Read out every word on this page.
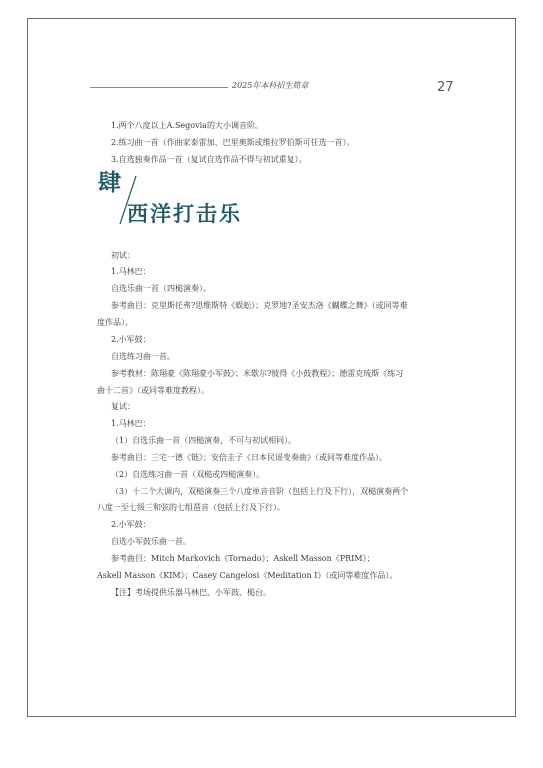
2025年本科招生简章	27
1.两个八度以上A.Segovia的大小调音阶。
2.练习曲一首（作曲家泰雷加、巴里奥斯或维拉罗伯斯可任选一首）。
3.自选独奏作品一首（复试自选作品不得与初试重复）。
肆
西洋打击乐
初试：
1.马林巴：
自选乐曲一首（四槌演奏）。
参考曲目：克里斯托弗?思维斯特《蜈蚣》；克罗地?圣安杰洛《蝴蝶之舞》（或同等难
度作品）。
2.小军鼓：
自选练习曲一首。
参考教材：陈翔豪《陈翔豪小军鼓》；米歇尔?彼得《小鼓教程》；德雷克琉斯《练习
曲十二首》（或同等难度教程）。
复试：
1.马林巴：
（1）自选乐曲一首（四槌演奏，不可与初试相同）。
参考曲目：三宅一德《链》；安倍圭子《日本民谣变奏曲》（或同等难度作品）。
（2）自选练习曲一首（双槌或四槌演奏）。
（3）十二个大调内，双槌演奏三个八度单音音阶（包括上行及下行），双槌演奏两个
八度一至七级三和弦的七组琶音（包括上行及下行）。
2.小军鼓：
自选小军鼓乐曲一首。
参考曲目：Mitch Markovich《Tornado》；Askell Masson《PRIM》；
Askell Masson《KIM》；Casey Cangelosi《Meditation I》（或同等难度作品）。
【注】考场提供乐器马林巴、小军鼓、槌台。
